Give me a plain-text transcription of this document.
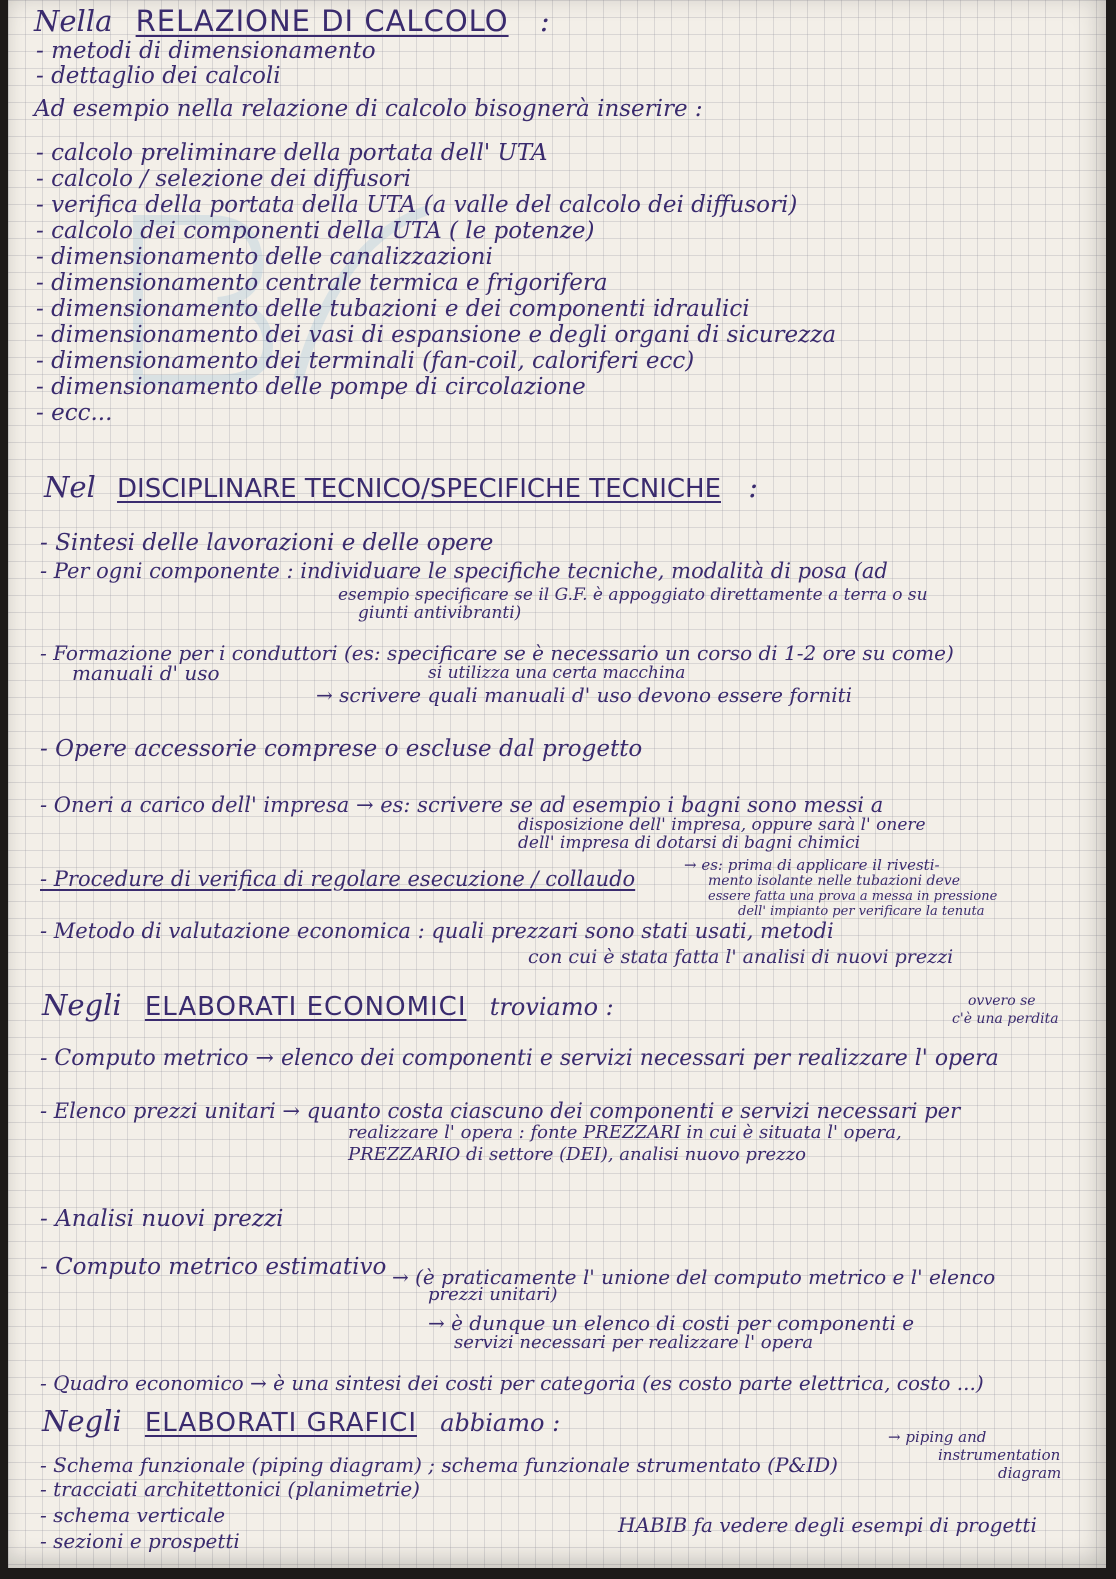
Nella RELAZIONE DI CALCOLO :
- metodi di dimensionamento
- dettaglio dei calcoli
Ad esempio nella relazione di calcolo bisognerà inserire :
- calcolo preliminare della portata dell' UTA
- calcolo / selezione dei diffusori
- verifica della portata della UTA (a valle del calcolo dei diffusori)
- calcolo dei componenti della UTA ( le potenze)
- dimensionamento delle canalizzazioni
- dimensionamento centrale termica e frigorifera
- dimensionamento delle tubazioni e dei componenti idraulici
- dimensionamento dei vasi di espansione e degli organi di sicurezza
- dimensionamento dei terminali (fan-coil, caloriferi ecc)
- dimensionamento delle pompe di circolazione
- ecc...
Nel DISCIPLINARE TECNICO/SPECIFICHE TECNICHE :
- Sintesi delle lavorazioni e delle opere
- Per ogni componente : individuare le specifiche tecniche, modalità di posa (ad
esempio specificare se il G.F. è appoggiato direttamente a terra o su
giunti antivibranti)
- Formazione per i conduttori (es: specificare se è necessario un corso di 1-2 ore su come)
si utilizza una certa macchina
manuali d' uso
→ scrivere quali manuali d' uso devono essere forniti
- Opere accessorie comprese o escluse dal progetto
- Oneri a carico dell' impresa → es: scrivere se ad esempio i bagni sono messi a
disposizione dell' impresa, oppure sarà l' onere
dell' impresa di dotarsi di bagni chimici
- Procedure di verifica di regolare esecuzione / collaudo
→ es: prima di applicare il rivesti-
mento isolante nelle tubazioni deve
essere fatta una prova a messa in pressione
dell' impianto per verificare la tenuta
- Metodo di valutazione economica : quali prezzari sono stati usati, metodi
con cui è stata fatta l' analisi di nuovi prezzi
ovvero se
c'è una perdita
Negli ELABORATI ECONOMICI troviamo :
- Computo metrico → elenco dei componenti e servizi necessari per realizzare l' opera
- Elenco prezzi unitari → quanto costa ciascuno dei componenti e servizi necessari per
realizzare l' opera : fonte PREZZARI in cui è situata l' opera,
PREZZARIO di settore (DEI), analisi nuovo prezzo
- Analisi nuovi prezzi
- Computo metrico estimativo → (è praticamente l' unione del computo metrico e l' elenco
prezzi unitari)
→ è dunque un elenco di costi per componenti e
servizi necessari per realizzare l' opera
- Quadro economico → è una sintesi dei costi per categoria (es costo parte elettrica, costo ...)
Negli ELABORATI GRAFICI abbiamo :
- Schema funzionale (piping diagram) ; schema funzionale strumentato (P&ID)
→ piping and
instrumentation
diagram
- tracciati architettonici (planimetrie)
- schema verticale
- sezioni e prospetti
HABIB fa vedere degli esempi di progetti
